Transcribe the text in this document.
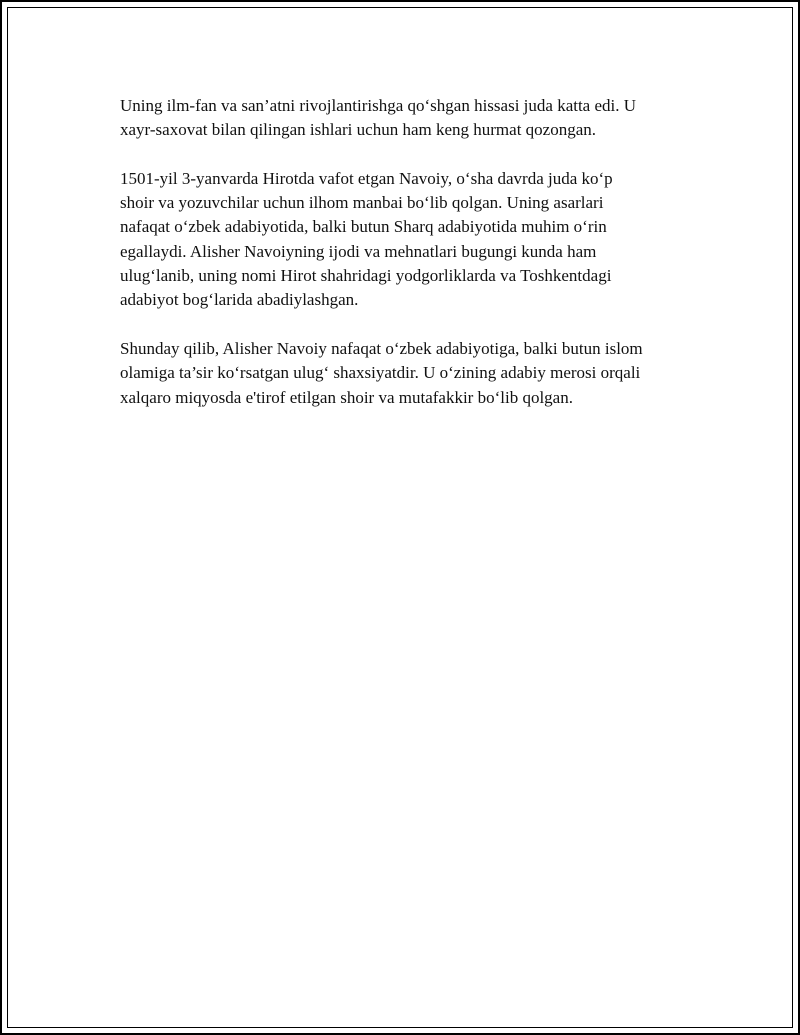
Uning ilm-fan va san’atni rivojlantirishga qo‘shgan hissasi juda katta edi. U
xayr-saxovat bilan qilingan ishlari uchun ham keng hurmat qozongan.

1501-yil 3-yanvarda Hirotda vafot etgan Navoiy, o‘sha davrda juda ko‘p
shoir va yozuvchilar uchun ilhom manbai bo‘lib qolgan. Uning asarlari
nafaqat o‘zbek adabiyotida, balki butun Sharq adabiyotida muhim o‘rin
egallaydi. Alisher Navoiyning ijodi va mehnatlari bugungi kunda ham
ulug‘lanib, uning nomi Hirot shahridagi yodgorliklarda va Toshkentdagi
adabiyot bog‘larida abadiylashgan.

Shunday qilib, Alisher Navoiy nafaqat o‘zbek adabiyotiga, balki butun islom
olamiga ta’sir ko‘rsatgan ulug‘ shaxsiyatdir. U o‘zining adabiy merosi orqali
xalqaro miqyosda e'tirof etilgan shoir va mutafakkir bo‘lib qolgan.
